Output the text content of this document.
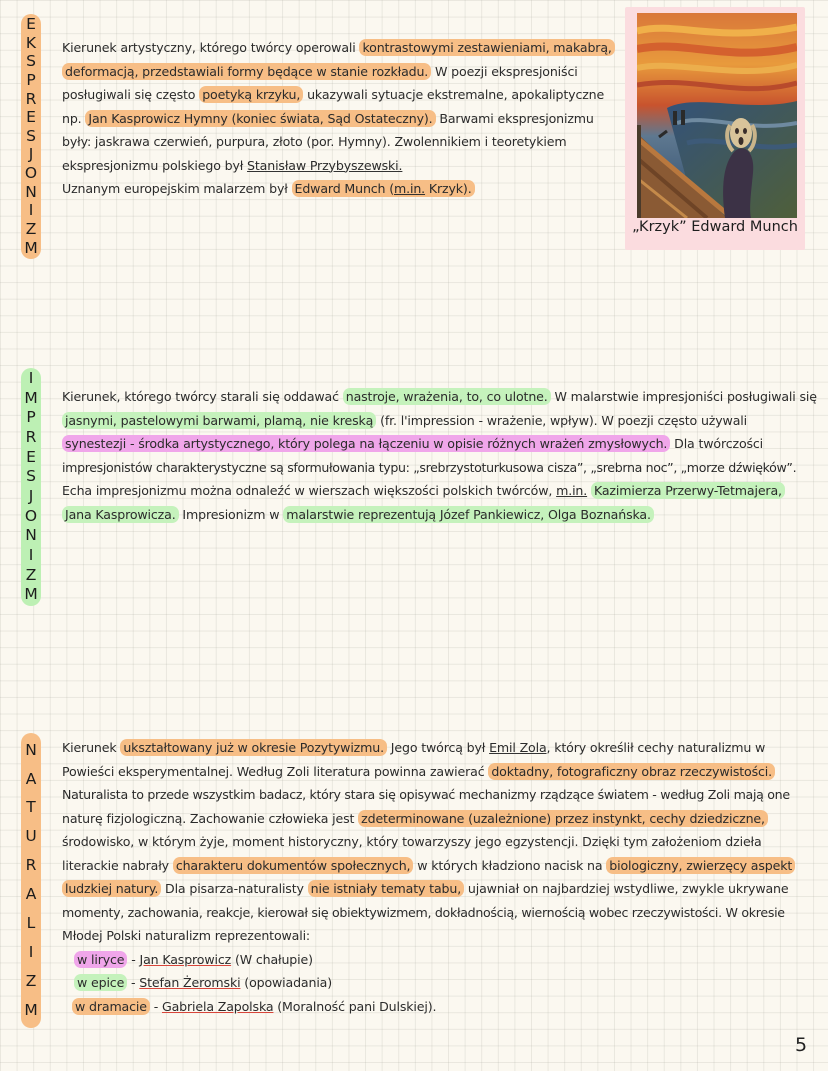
E
K
S
P
R
E
S
J
O
N
I
Z
M
I
M
P
R
E
S
J
O
N
I
Z
M
N
A
T
U
R
A
L
I
Z
M
„Krzyk” Edward Munch
Kierunek artystyczny, którego twórcy operowali kontrastowymi zestawieniami, makabrą,
deformacją, przedstawiali formy będące w stanie rozkładu. W poezji ekspresjoniści
posługiwali się często poetyką krzyku, ukazywali sytuacje ekstremalne, apokaliptyczne
np. Jan Kasprowicz Hymny (koniec świata, Sąd Ostateczny). Barwami ekspresjonizmu
były: jaskrawa czerwień, purpura, złoto (por. Hymny). Zwolennikiem i teoretykiem
ekspresjonizmu polskiego był Stanisław Przybyszewski.
Uznanym europejskim malarzem był Edward Munch (m.in. Krzyk).
Kierunek, którego twórcy starali się oddawać nastroje, wrażenia, to, co ulotne. W malarstwie impresjoniści posługiwali się
jasnymi, pastelowymi barwami, plamą, nie kreską (fr. l'impression - wrażenie, wpływ). W poezji często używali
synestezji - środka artystycznego, który polega na łączeniu w opisie różnych wrażeń zmysłowych. Dla twórczości
impresjonistów charakterystyczne są sformułowania typu: „srebrzystoturkusowa cisza”, „srebrna noc”, „morze dźwięków”.
Echa impresjonizmu można odnaleźć w wierszach większości polskich twórców, m.in. Kazimierza Przerwy-Tetmajera,
Jana Kasprowicza. Impresionizm w malarstwie reprezentują Józef Pankiewicz, Olga Boznańska.
Kierunek ukształtowany już w okresie Pozytywizmu. Jego twórcą był Emil Zola, który określił cechy naturalizmu w
Powieści eksperymentalnej. Według Zoli literatura powinna zawierać doktadny, fotograficzny obraz rzeczywistości.
Naturalista to przede wszystkim badacz, który stara się opisywać mechanizmy rządzące światem - według Zoli mają one
naturę fizjologiczną. Zachowanie człowieka jest zdeterminowane (uzależnione) przez instynkt, cechy dziedziczne,
środowisko, w którym żyje, moment historyczny, który towarzyszy jego egzystencji. Dzięki tym założeniom dzieła
literackie nabrały charakteru dokumentów społecznych, w których kładziono nacisk na biologiczny, zwierzęcy aspekt
ludzkiej natury. Dla pisarza-naturalisty nie istniały tematy tabu, ujawniał on najbardziej wstydliwe, zwykle ukrywane
momenty, zachowania, reakcje, kierował się obiektywizmem, dokładnością, wiernością wobec rzeczywistości. W okresie
Młodej Polski naturalizm reprezentowali:
w liryce - Jan Kasprowicz (W chałupie)
w epice - Stefan Żeromski (opowiadania)
w dramacie - Gabriela Zapolska (Moralność pani Dulskiej).
5
